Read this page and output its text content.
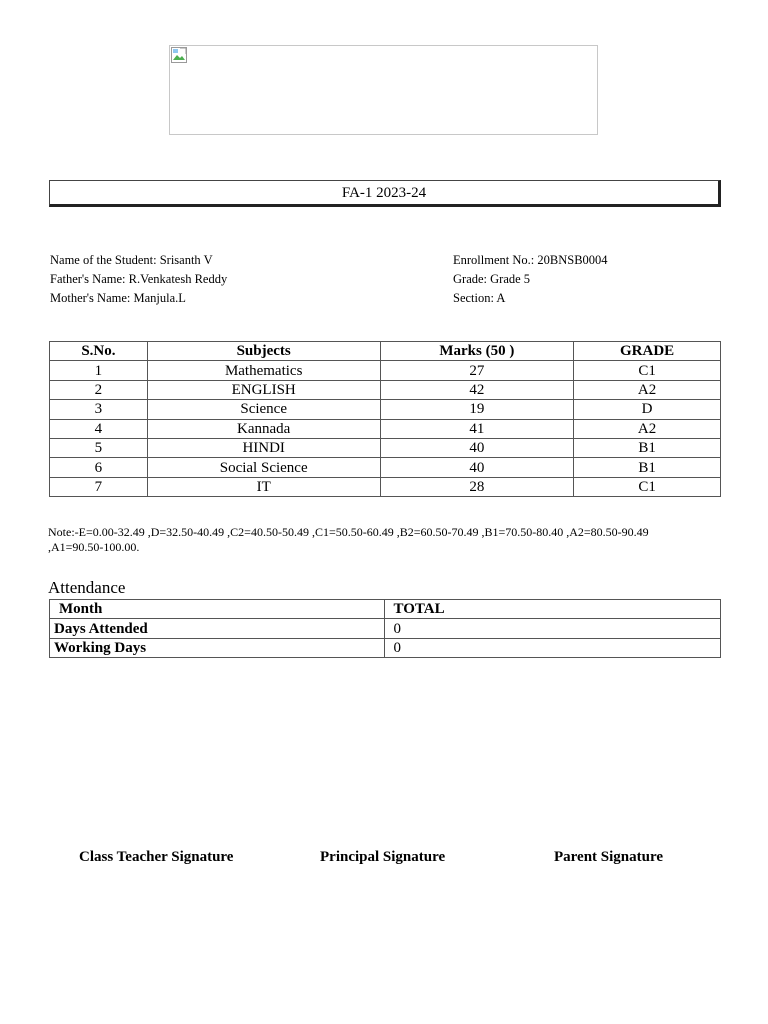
FA-1 2023-24
Name of the Student: Srisanth V
Father's Name: R.Venkatesh Reddy
Mother's Name: Manjula.L
Enrollment No.: 20BNSB0004
Grade: Grade 5
Section: A
S.No.	Subjects	Marks (50 )	GRADE
1	Mathematics	27	C1
2	ENGLISH	42	A2
3	Science	19	D
4	Kannada	41	A2
5	HINDI	40	B1
6	Social Science	40	B1
7	IT	28	C1
Note:-E=0.00-32.49 ,D=32.50-40.49 ,C2=40.50-50.49 ,C1=50.50-60.49 ,B2=60.50-70.49 ,B1=70.50-80.40 ,A2=80.50-90.49
,A1=90.50-100.00.
Attendance
Month	TOTAL
Days Attended	0
Working Days	0
Class Teacher Signature	Principal Signature	Parent Signature
